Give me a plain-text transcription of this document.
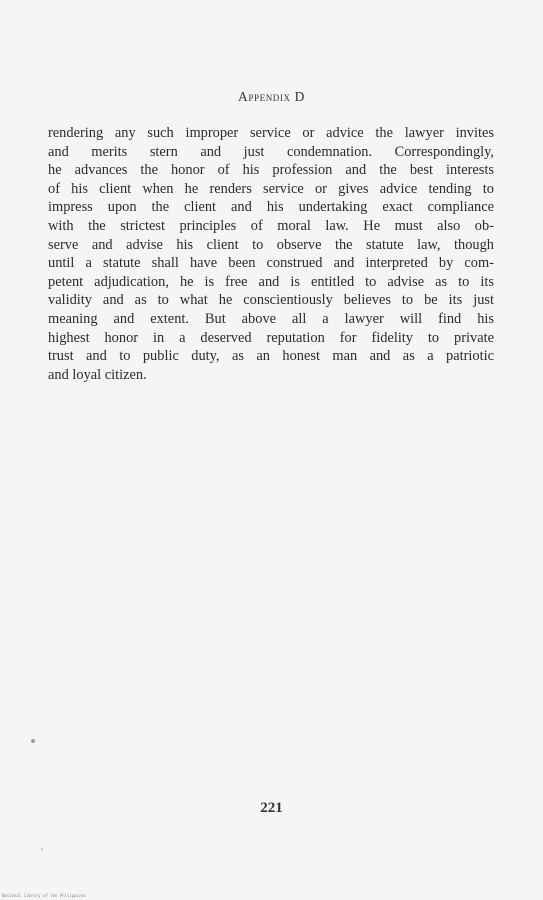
Appendix D
rendering any such improper service or advice the lawyer invites
and merits stern and just condemnation. Correspondingly,
he advances the honor of his profession and the best interests
of his client when he renders service or gives advice tending to
impress upon the client and his undertaking exact compliance
with the strictest principles of moral law. He must also ob-
serve and advise his client to observe the statute law, though
until a statute shall have been construed and interpreted by com-
petent adjudication, he is free and is entitled to advise as to its
validity and as to what he conscientiously believes to be its just
meaning and extent. But above all a lawyer will find his
highest honor in a deserved reputation for fidelity to private
trust and to public duty, as an honest man and as a patriotic
and loyal citizen.
221
National Library of the Philippines
